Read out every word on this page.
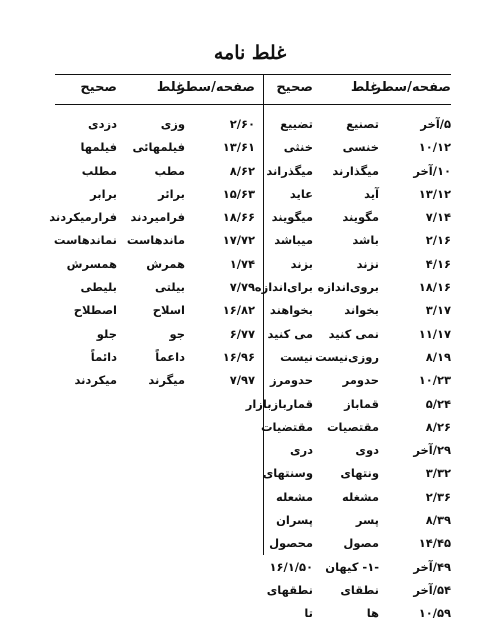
غلط نامه
صفحه/سطر
غلط
صحیح
۵/آخر
تصنیع
تضییع
۱۰/۱۲
خنسی
خنثی
۱۰/آخر
میگذارند
میگذراند
۱۳/۱۲
آید
عاید
۷/۱۴
مگویند
میگویند
۲/۱۶
باشد
میباشد
۴/۱۶
نزند
بزند
۱۸/۱۶
بروی‌اندازه
برای‌اندازه
۳/۱۷
بخواند
بخواهند
۱۱/۱۷
نمی کنید
می کنید
۸/۱۹
روزی‌نیست
نیست
۱۰/۲۳
حدومر
حدومرز
۵/۲۴
قماباز
قماربازبازار
۸/۲۶
مقتصیات
مقتضیات
۲۹/آخر
دوی
دری
۳/۳۲
ونتهای
وسنتهای
۲/۳۶
مشغله
مشعله
۸/۳۹
پسر
پسران
۱۴/۴۵
مصول
محصول
۴۹/آخر
-۱- کیهان
۱۶/۱/۵۰
۵۴/آخر
نطقای
نطقهای
۱۰/۵۹
ها
تا
صفحه/سطر
غلط
صحیح
۲/۶۰
وزی
دزدی
۱۳/۶۱
فیلمهائی
فیلمها
۸/۶۲
مطب
مطلب
۱۵/۶۳
برائر
برابر
۱۸/۶۶
فرامیردند
فرارمیکردند
۱۷/۷۲
ماندهاست
نماندهاست
۱/۷۴
همرش
همسرش
۷/۷۹
بیلتی
بلیطی
۱۶/۸۲
اسلاح
اصطلاح
۶/۷۷
جو
جلو
۱۶/۹۶
داعماً
دائماً
۷/۹۷
میگرند
میکردند
